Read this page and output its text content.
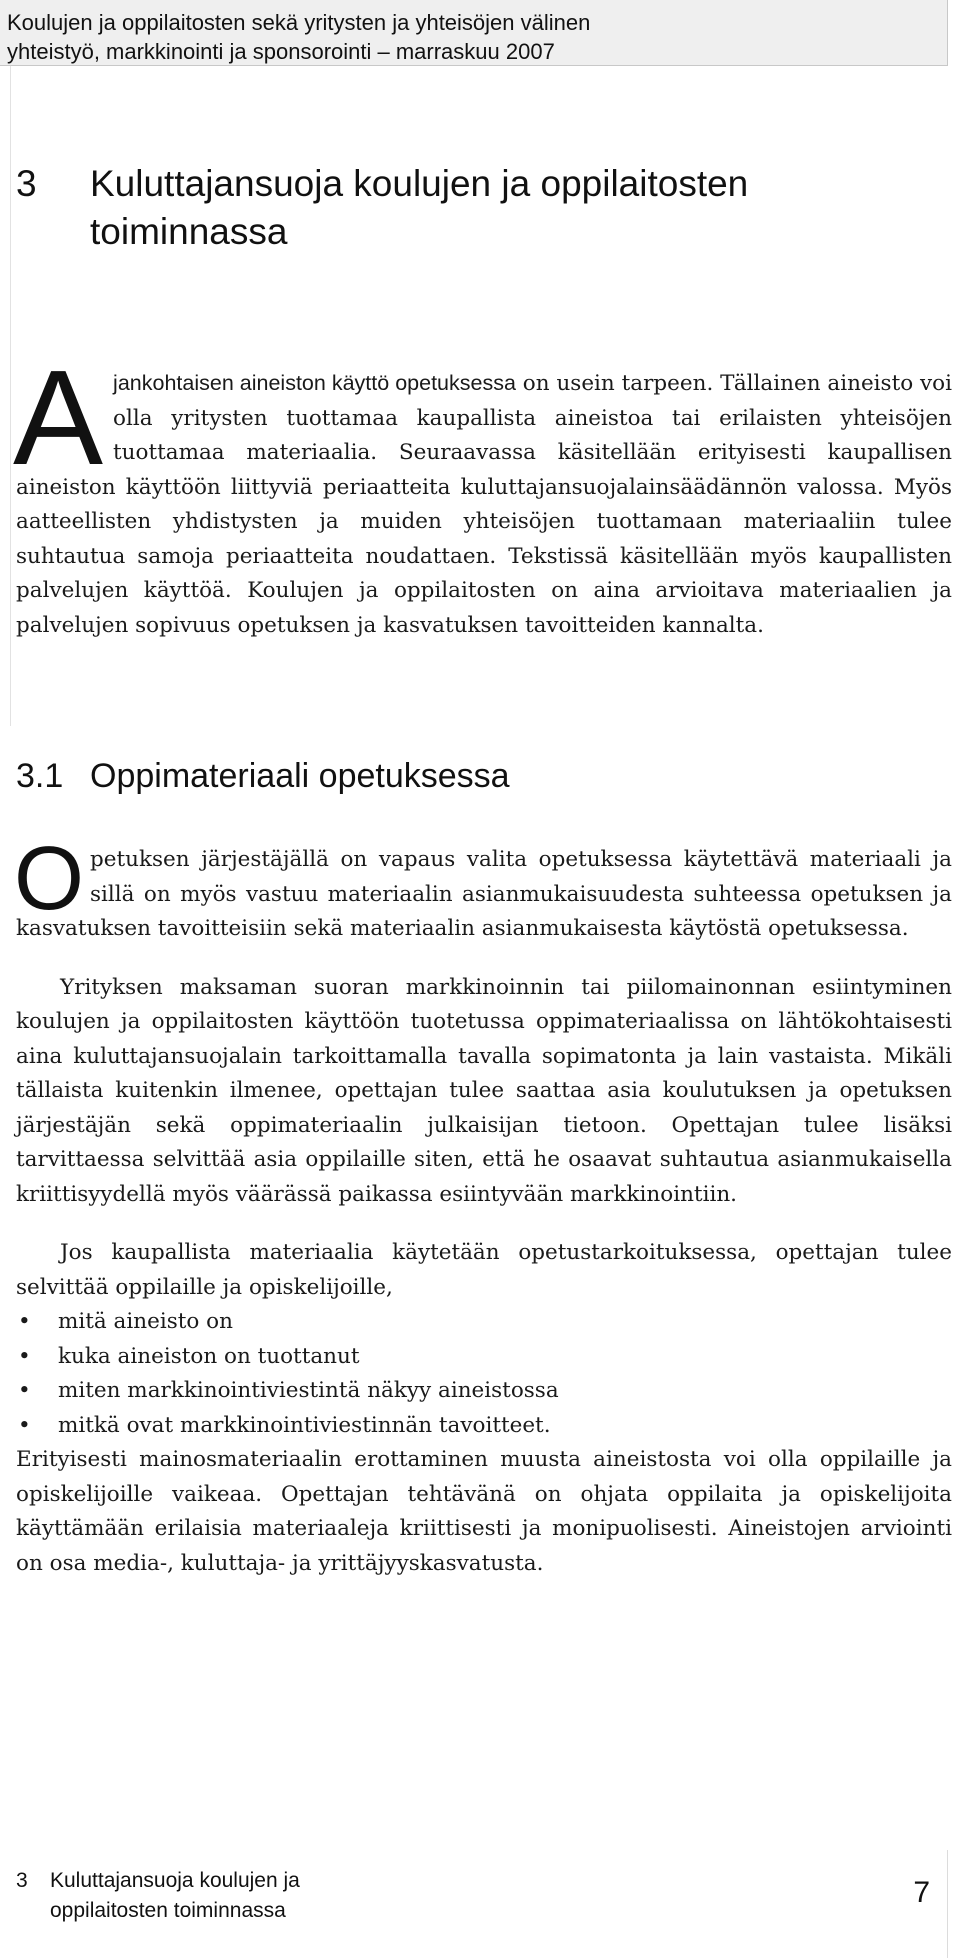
Koulujen ja oppilaitosten sekä yritysten ja yhteisöjen välinen
yhteistyö, markkinointi ja sponsorointi – marraskuu 2007
3 Kuluttajansuoja koulujen ja oppilaitosten
toiminnassa

Ajankohtaisen aineiston käyttö opetuksessa on usein tarpeen. Tällainen aineisto voi olla yritysten tuottamaa kaupallista aineistoa tai erilaisten yhteisöjen tuottamaa materiaalia. Seuraavassa käsitellään erityisesti kaupallisen aineiston käyttöön liittyviä periaatteita kuluttajansuojalainsäädännön valossa. Myös aatteellisten yhdistysten ja muiden yhteisöjen tuottamaan materiaaliin tulee suhtautua samoja periaatteita noudattaen. Tekstissä käsitellään myös kaupallisten palvelujen käyttöä. Koulujen ja oppilaitosten on aina arvioitava materiaalien ja palvelujen sopivuus opetuksen ja kasvatuksen tavoitteiden kannalta.

3.1 Oppimateriaali opetuksessa

Opetuksen järjestäjällä on vapaus valita opetuksessa käytettävä materiaali ja sillä on myös vastuu materiaalin asianmukaisuudesta suhteessa opetuksen ja kasvatuksen tavoitteisiin sekä materiaalin asianmukaisesta käytöstä opetuksessa.

Yrityksen maksaman suoran markkinoinnin tai piilomainonnan esiintyminen koulujen ja oppilaitosten käyttöön tuotetussa oppimateriaalissa on lähtökohtaisesti aina kuluttajansuojalain tarkoittamalla tavalla sopimatonta ja lain vastaista. Mikäli tällaista kuitenkin ilmenee, opettajan tulee saattaa asia koulutuksen ja opetuksen järjestäjän sekä oppimateriaalin julkaisijan tietoon. Opettajan tulee lisäksi tarvittaessa selvittää asia oppilaille siten, että he osaavat suhtautua asianmukaisella kriittisyydellä myös väärässä paikassa esiintyvään markkinointiin.

Jos kaupallista materiaalia käytetään opetustarkoituksessa, opettajan tulee selvittää oppilaille ja opiskelijoille,

• mitä aineisto on
• kuka aineiston on tuottanut
• miten markkinointiviestintä näkyy aineistossa
• mitkä ovat markkinointiviestinnän tavoitteet.

Erityisesti mainosmateriaalin erottaminen muusta aineistosta voi olla oppilaille ja opiskelijoille vaikeaa. Opettajan tehtävänä on ohjata oppilaita ja opiskelijoita käyttämään erilaisia materiaaleja kriittisesti ja monipuolisesti. Aineistojen arviointi on osa media-, kuluttaja- ja yrittäjyyskasvatusta.

3 Kuluttajansuoja koulujen ja
oppilaitosten toiminnassa
7
